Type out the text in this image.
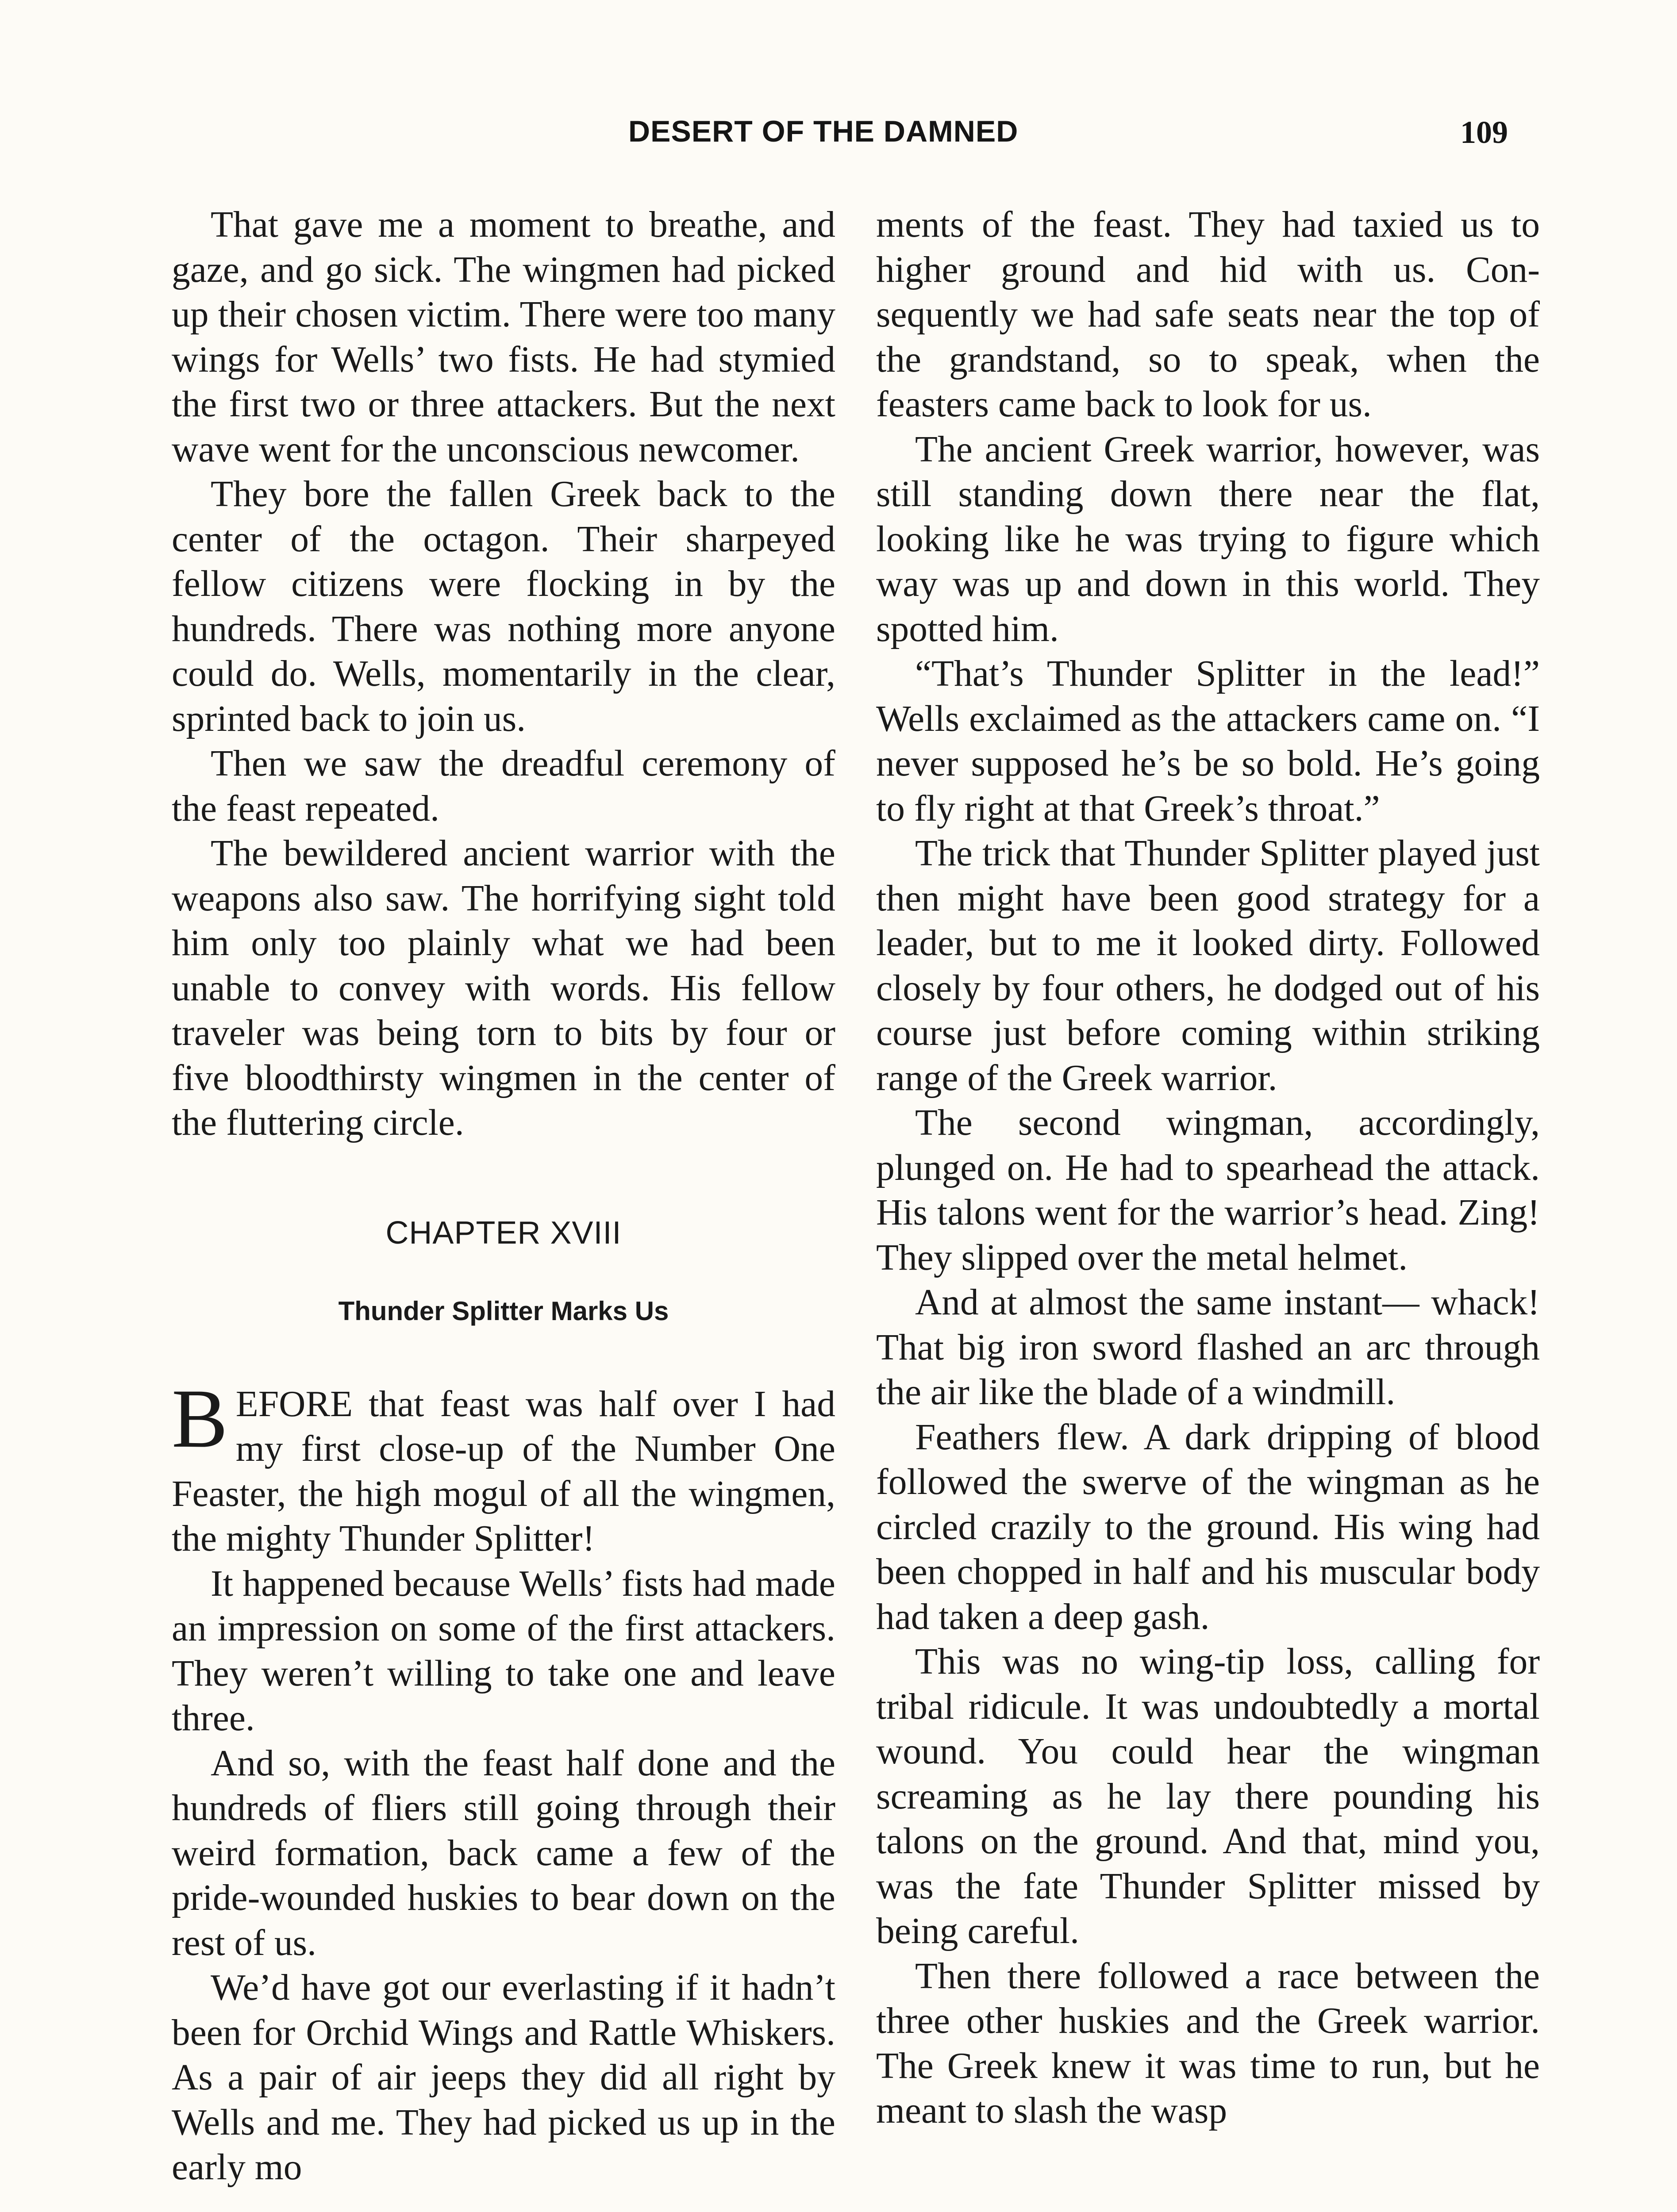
DESERT OF THE DAMNED	109

That gave me a moment to breathe, and gaze, and go sick. The wingmen had picked up their chosen victim. There were too many wings for Wells’ two fists. He had stymied the first two or three attackers. But the next wave went for the unconscious newcomer.

They bore the fallen Greek back to the center of the octagon. Their sharpeyed fellow citizens were flocking in by the hundreds. There was nothing more anyone could do. Wells, momentarily in the clear, sprinted back to join us.

Then we saw the dreadful ceremony of the feast repeated.

The bewildered ancient warrior with the weapons also saw. The horrifying sight told him only too plainly what we had been unable to convey with words. His fellow traveler was being torn to bits by four or five bloodthirsty wingmen in the center of the fluttering circle.

CHAPTER XVIII
Thunder Splitter Marks Us

BEFORE that feast was half over I had my first close-up of the Number One Feaster, the high mogul of all the wingmen, the mighty Thunder Splitter!

It happened because Wells’ fists had made an impression on some of the first attackers. They weren’t willing to take one and leave three.

And so, with the feast half done and the hundreds of fliers still going through their weird formation, back came a few of the pride-wounded huskies to bear down on the rest of us.

We’d have got our everlasting if it hadn’t been for Orchid Wings and Rattle Whiskers. As a pair of air jeeps they did all right by Wells and me. They had picked us up in the early mo

ments of the feast. They had taxied us to higher ground and hid with us. Consequently we had safe seats near the top of the grandstand, so to speak, when the feasters came back to look for us.

The ancient Greek warrior, however, was still standing down there near the flat, looking like he was trying to figure which way was up and down in this world. They spotted him.

“That’s Thunder Splitter in the lead!” Wells exclaimed as the attackers came on. “I never supposed he’s be so bold. He’s going to fly right at that Greek’s throat.”

The trick that Thunder Splitter played just then might have been good strategy for a leader, but to me it looked dirty. Followed closely by four others, he dodged out of his course just before coming within striking range of the Greek warrior.

The second wingman, accordingly, plunged on. He had to spearhead the attack. His talons went for the warrior’s head. Zing! They slipped over the metal helmet.

And at almost the same instant— whack! That big iron sword flashed an arc through the air like the blade of a windmill.

Feathers flew. A dark dripping of blood followed the swerve of the wingman as he circled crazily to the ground. His wing had been chopped in half and his muscular body had taken a deep gash.

This was no wing-tip loss, calling for tribal ridicule. It was undoubtedly a mortal wound. You could hear the wingman screaming as he lay there pounding his talons on the ground. And that, mind you, was the fate Thunder Splitter missed by being careful.

Then there followed a race between the three other huskies and the Greek warrior. The Greek knew it was time to run, but he meant to slash the wasp
